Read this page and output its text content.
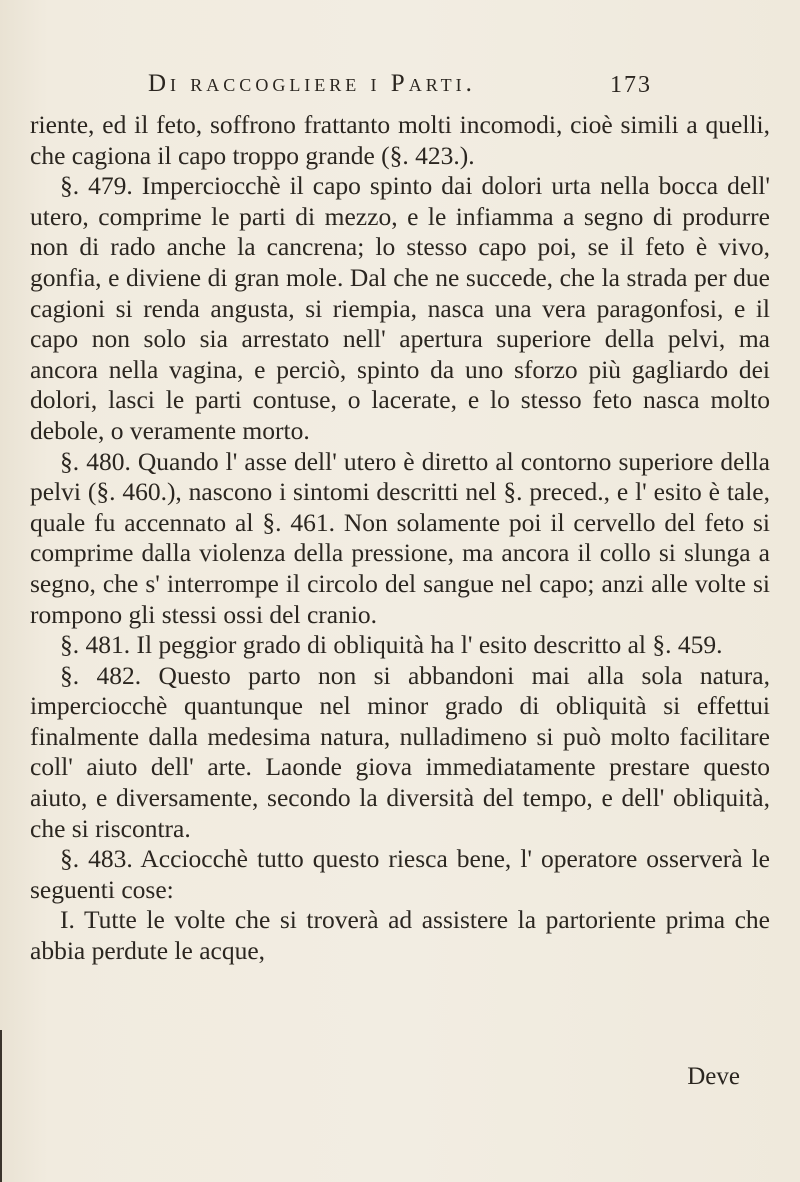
Di raccogliere i Parti.	173

riente, ed il feto, soffrono frattanto molti incomodi, cioè simili a quelli, che cagiona il capo troppo grande (§. 423.).

§. 479. Imperciocchè il capo spinto dai dolori urta nella bocca dell' utero, comprime le parti di mezzo, e le infiamma a segno di produrre non di rado anche la cancrena; lo stesso capo poi, se il feto è vivo, gonfia, e diviene di gran mole. Dal che ne succede, che la strada per due cagioni si renda angusta, si riempia, nasca una vera paragonfosi, e il capo non solo sia arrestato nell' apertura superiore della pelvi, ma ancora nella vagina, e perciò, spinto da uno sforzo più gagliardo dei dolori, lasci le parti contuse, o lacerate, e lo stesso feto nasca molto debole, o veramente morto.

§. 480. Quando l' asse dell' utero è diretto al contorno superiore della pelvi (§. 460.), nascono i sintomi descritti nel §. preced., e l' esito è tale, quale fu accennato al §. 461. Non solamente poi il cervello del feto si comprime dalla violenza della pressione, ma ancora il collo si slunga a segno, che s' interrompe il circolo del sangue nel capo; anzi alle volte si rompono gli stessi ossi del cranio.

§. 481. Il peggior grado di obliquità ha l' esito descritto al §. 459.

§. 482. Questo parto non si abbandoni mai alla sola natura, imperciocchè quantunque nel minor grado di obliquità si effettui finalmente dalla medesima natura, nulladimeno si può molto facilitare coll' aiuto dell' arte. Laonde giova immediatamente prestare questo aiuto, e diversamente, secondo la diversità del tempo, e dell' obliquità, che si riscontra.

§. 483. Acciocchè tutto questo riesca bene, l' operatore osserverà le seguenti cose:

I. Tutte le volte che si troverà ad assistere la partoriente prima che abbia perdute le acque,

Deve
